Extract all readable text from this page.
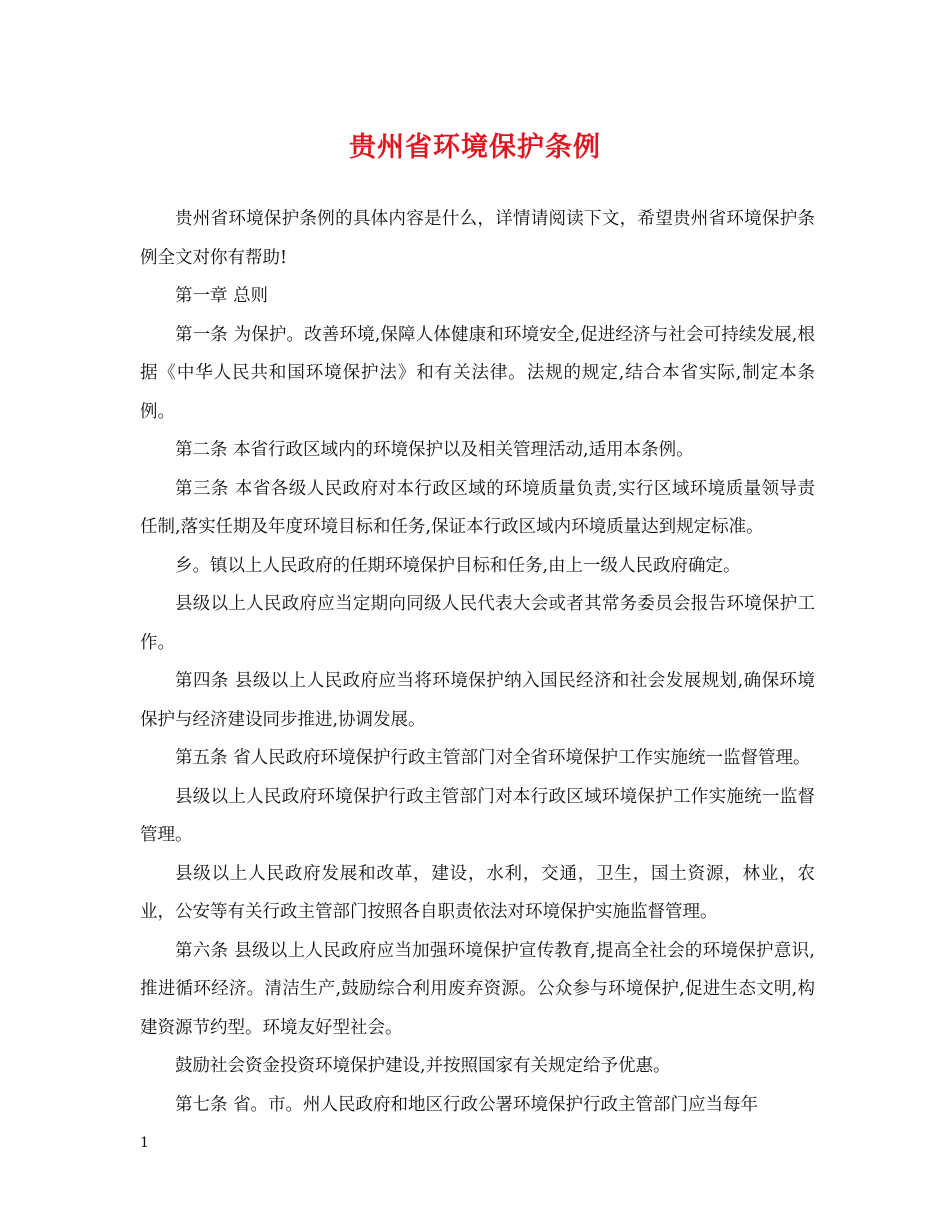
贵州省环境保护条例

贵州省环境保护条例的具体内容是什么，详情请阅读下文，希望贵州省环境保护条例全文对你有帮助!

第一章 总则

第一条 为保护。改善环境,保障人体健康和环境安全,促进经济与社会可持续发展,根据《中华人民共和国环境保护法》和有关法律。法规的规定,结合本省实际,制定本条例。

第二条 本省行政区域内的环境保护以及相关管理活动,适用本条例。

第三条 本省各级人民政府对本行政区域的环境质量负责,实行区域环境质量领导责任制,落实任期及年度环境目标和任务,保证本行政区域内环境质量达到规定标准。

乡。镇以上人民政府的任期环境保护目标和任务,由上一级人民政府确定。

县级以上人民政府应当定期向同级人民代表大会或者其常务委员会报告环境保护工作。

第四条 县级以上人民政府应当将环境保护纳入国民经济和社会发展规划,确保环境保护与经济建设同步推进,协调发展。

第五条 省人民政府环境保护行政主管部门对全省环境保护工作实施统一监督管理。

县级以上人民政府环境保护行政主管部门对本行政区域环境保护工作实施统一监督管理。

县级以上人民政府发展和改革，建设，水利，交通，卫生，国土资源，林业，农业，公安等有关行政主管部门按照各自职责依法对环境保护实施监督管理。

第六条 县级以上人民政府应当加强环境保护宣传教育,提高全社会的环境保护意识,推进循环经济。清洁生产,鼓励综合利用废弃资源。公众参与环境保护,促进生态文明,构建资源节约型。环境友好型社会。

鼓励社会资金投资环境保护建设,并按照国家有关规定给予优惠。

第七条 省。市。州人民政府和地区行政公署环境保护行政主管部门应当每年

1
